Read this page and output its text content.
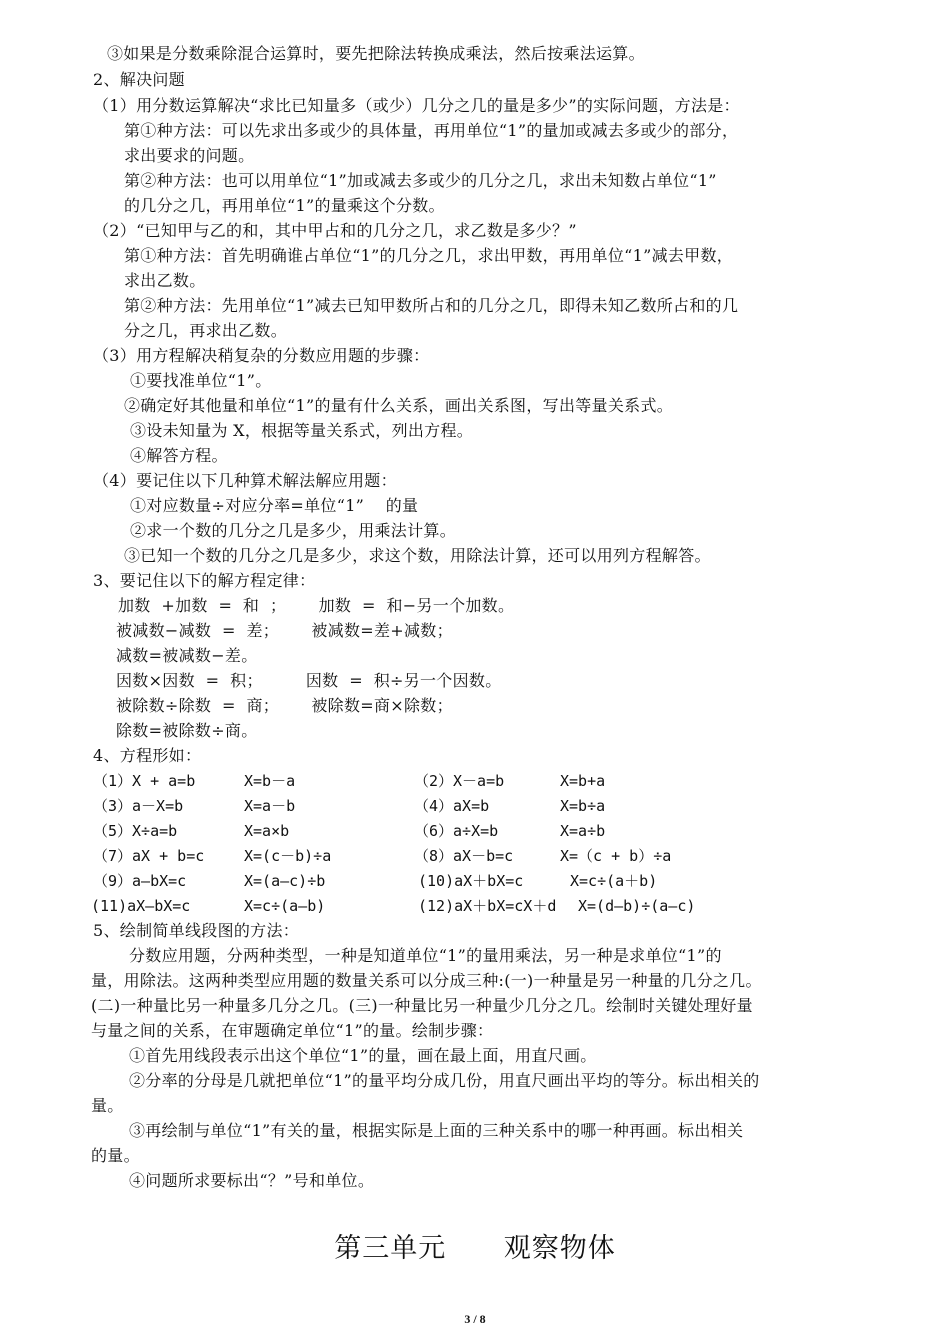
③如果是分数乘除混合运算时，要先把除法转换成乘法，然后按乘法运算。
2、解决问题
（1）用分数运算解决“求比已知量多（或少）几分之几的量是多少”的实际问题，方法是：
第①种方法：可以先求出多或少的具体量，再用单位“1”的量加或减去多或少的部分，
求出要求的问题。
第②种方法：也可以用单位“1”加或减去多或少的几分之几，求出未知数占单位“1”
的几分之几，再用单位“1”的量乘这个分数。
（2）“已知甲与乙的和，其中甲占和的几分之几，求乙数是多少？”
第①种方法：首先明确谁占单位“1”的几分之几，求出甲数，再用单位“1”减去甲数，
求出乙数。
第②种方法：先用单位“1”减去已知甲数所占和的几分之几，即得未知乙数所占和的几
分之几，再求出乙数。
（3）用方程解决稍复杂的分数应用题的步骤：
①要找准单位“1”。
②确定好其他量和单位“1”的量有什么关系，画出关系图，写出等量关系式。
③设未知量为 X，根据等量关系式，列出方程。
④解答方程。
（4）要记住以下几种算术解法解应用题：
①对应数量÷对应分率=单位“1”    的量
②求一个数的几分之几是多少，用乘法计算。
③已知一个数的几分之几是多少，求这个数，用除法计算，还可以用列方程解答。
3、要记住以下的解方程定律：
加数  +加数  =  和  ；      加数  =  和−另一个加数。
被减数−减数  =  差；      被减数=差+减数；
减数=被减数−差。
因数×因数  =  积；        因数  =  积÷另一个因数。
被除数÷除数  =  商；      被除数=商×除数；
除数=被除数÷商。
4、方程形如：
（1）X + a=b	X=b－a	（2）X－a=b	X=b+a
（3）a－X=b	X=a－b	（4）aX=b	X=b÷a
（5）X÷a=b	X=a×b	（6）a÷X=b	X=a÷b
（7）aX + b=c	X=(c－b)÷a	（8）aX－b=c	X=（c + b）÷a
（9）a—bX=c	X=(a—c)÷b	(10)aX＋bX=c	X=c÷(a＋b)
(11)aX—bX=c	X=c÷(a—b)	(12)aX＋bX=cX＋d X=(d—b)÷(a—c)
5、绘制简单线段图的方法：
分数应用题，分两种类型，一种是知道单位“1”的量用乘法，另一种是求单位“1”的
量，用除法。这两种类型应用题的数量关系可以分成三种:(一)一种量是另一种量的几分之几。
(二)一种量比另一种量多几分之几。(三)一种量比另一种量少几分之几。绘制时关键处理好量
与量之间的关系，在审题确定单位“1”的量。绘制步骤：
①首先用线段表示出这个单位“1”的量，画在最上面，用直尺画。
②分率的分母是几就把单位“1”的量平均分成几份，用直尺画出平均的等分。标出相关的
量。
③再绘制与单位“1”有关的量，根据实际是上面的三种关系中的哪一种再画。标出相关
的量。
④问题所求要标出“？”号和单位。
第三单元      观察物体
3 / 8
